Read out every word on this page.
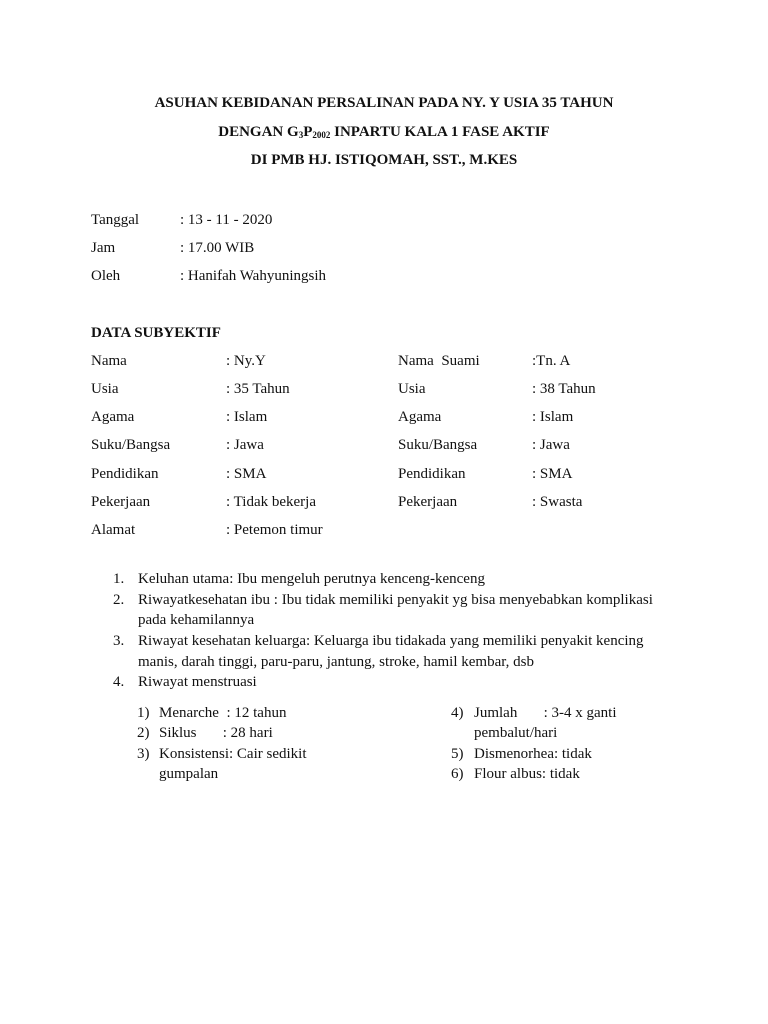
ASUHAN KEBIDANAN PERSALINAN PADA NY. Y USIA 35 TAHUN
DENGAN $G_3P_{2002}$ INPARTU KALA 1 FASE AKTIF
DI PMB HJ. ISTIQOMAH, SST., M.KES
Tanggal	: 13 - 11 - 2020
Jam	: 17.00 WIB
Oleh	: Hanifah Wahyuningsih
DATA SUBYEKTIF
Nama	: Ny.Y
Usia	: 35 Tahun
Agama	: Islam
Suku/Bangsa	: Jawa
Pendidikan	: SMA
Pekerjaan	: Tidak bekerja
Alamat	: Petemon timur
Nama  Suami	:Tn. A
Usia	: 38 Tahun
Agama	: Islam
Suku/Bangsa	: Jawa
Pendidikan	: SMA
Pekerjaan	: Swasta
1. Keluhan utama: Ibu mengeluh perutnya kenceng-kenceng
2. Riwayatkesehatan ibu : Ibu tidak memiliki penyakit yg bisa menyebabkan komplikasi
pada kehamilannya
3. Riwayat kesehatan keluarga: Keluarga ibu tidakada yang memiliki penyakit kencing
manis, darah tinggi, paru-paru, jantung, stroke, hamil kembar, dsb
4. Riwayat menstruasi
1) Menarche  : 12 tahun
2) Siklus       : 28 hari
3) Konsistensi: Cair sedikit
gumpalan
4) Jumlah       : 3-4 x ganti
pembalut/hari
5) Dismenorhea: tidak
6) Flour albus: tidak
